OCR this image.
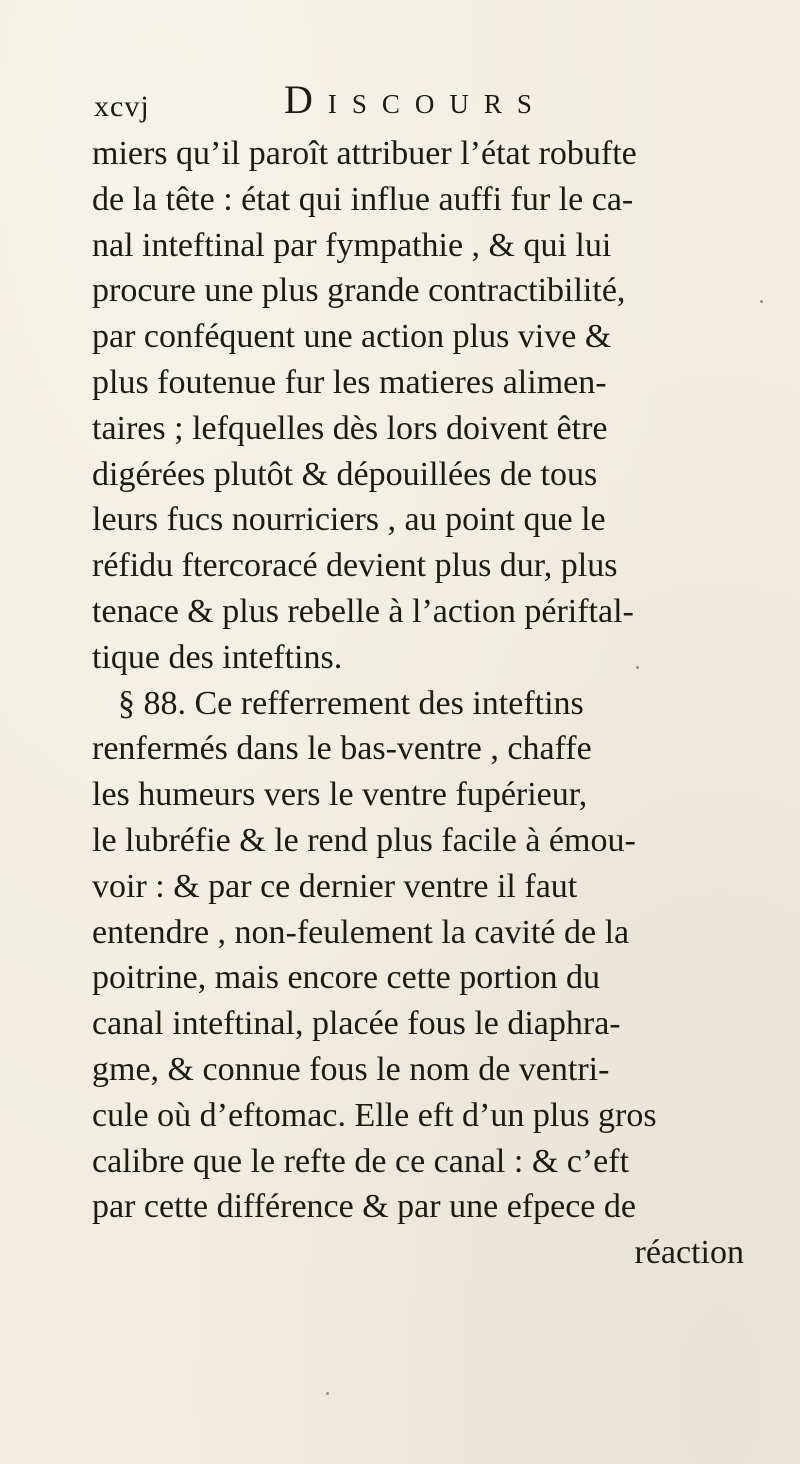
xcvj	DISCOURS
miers qu’il paroît attribuer l’état robufte
de la tête : état qui influe auffi fur le ca-
nal inteftinal par fympathie , & qui lui
procure une plus grande contractibilité,
par conféquent une action plus vive &
plus foutenue fur les matieres alimen-
taires ; lefquelles dès lors doivent être
digérées plutôt & dépouillées de tous
leurs fucs nourriciers , au point que le
réfidu ftercoracé devient plus dur, plus
tenace & plus rebelle à l’action périftal-
tique des inteftins.
§ 88. Ce refferrement des inteftins
renfermés dans le bas-ventre , chaffe
les humeurs vers le ventre fupérieur,
le lubréfie & le rend plus facile à émou-
voir : & par ce dernier ventre il faut
entendre , non-feulement la cavité de la
poitrine, mais encore cette portion du
canal inteftinal, placée fous le diaphra-
gme, & connue fous le nom de ventri-
cule où d’eftomac. Elle eft d’un plus gros
calibre que le refte de ce canal : & c’eft
par cette différence & par une efpece de
réaction
